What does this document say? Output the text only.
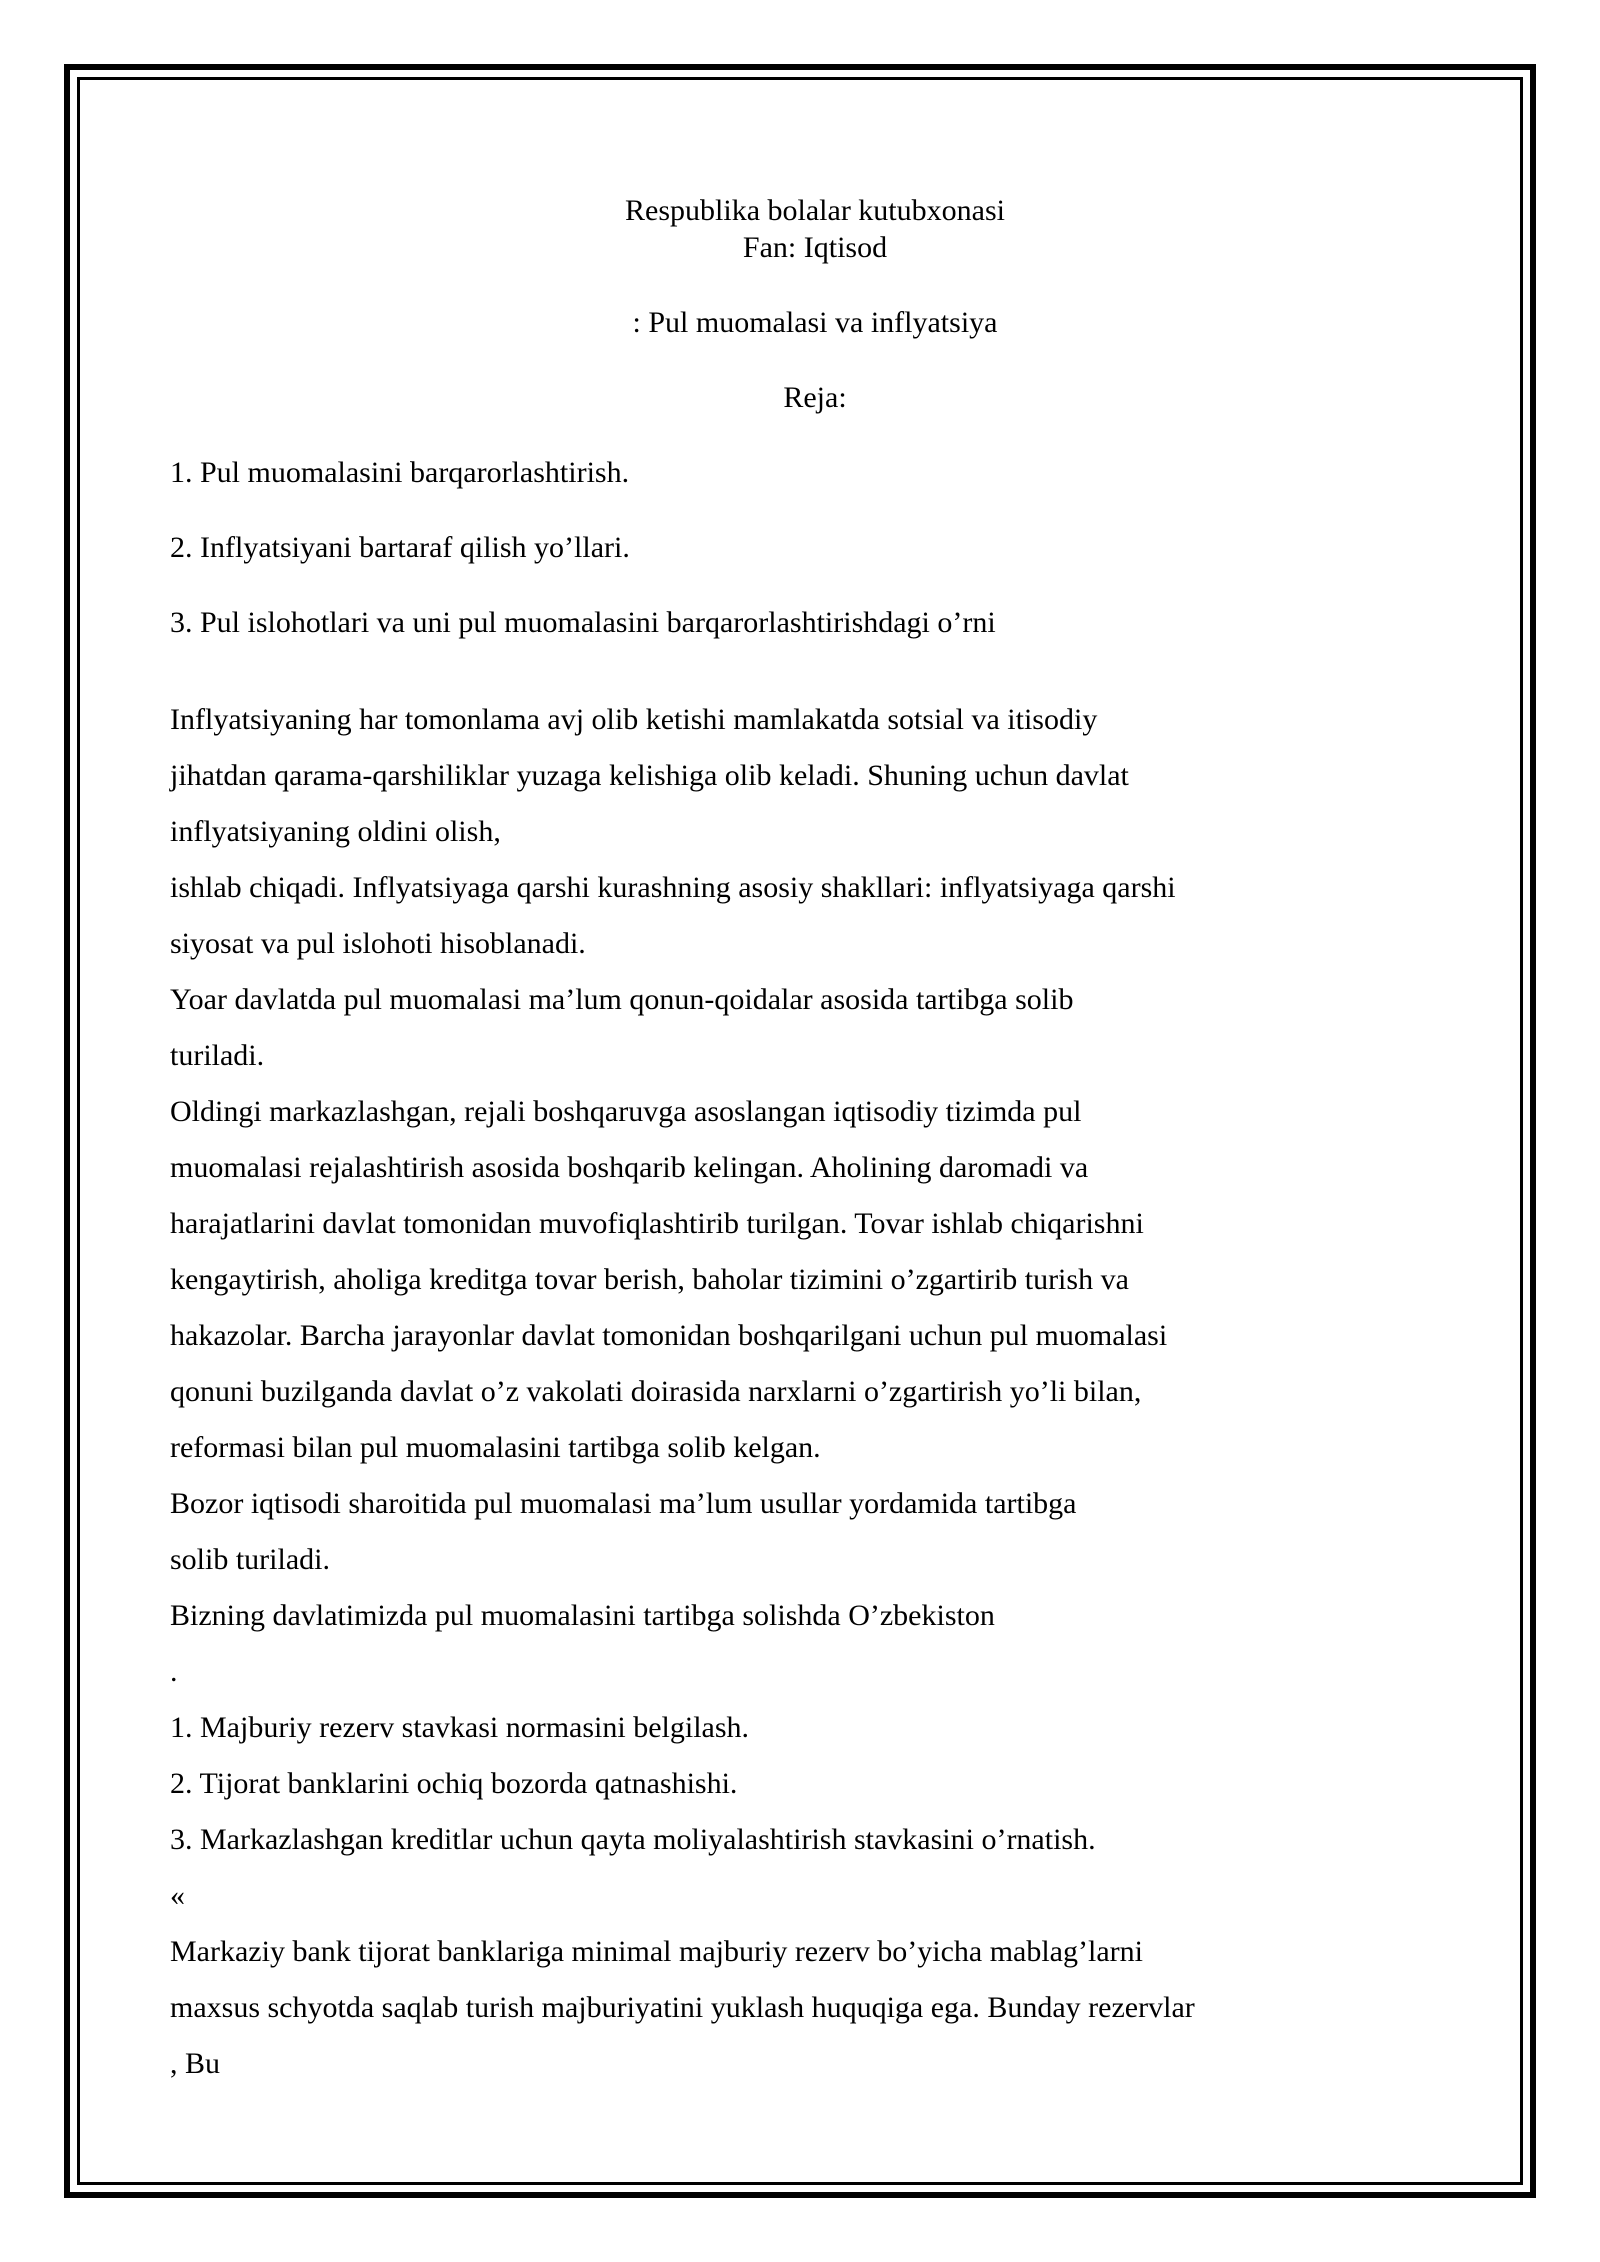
Respublika bolalar kutubxonasi
Fan: Iqtisod
: Pul muomalasi va inflyatsiya
Reja:
1. Pul muomalasini barqarorlashtirish.
2. Inflyatsiyani bartaraf qilish yo’llari.
3. Pul islohotlari va uni pul muomalasini barqarorlashtirishdagi o’rni
Inflyatsiyaning har tomonlama avj olib ketishi mamlakatda sotsial va itisodiy
jihatdan qarama-qarshiliklar yuzaga kelishiga olib keladi. Shuning uchun davlat
inflyatsiyaning oldini olish,
ishlab chiqadi. Inflyatsiyaga qarshi kurashning asosiy shakllari: inflyatsiyaga qarshi
siyosat va pul islohoti hisoblanadi.
Yoar davlatda pul muomalasi ma’lum qonun-qoidalar asosida tartibga solib
turiladi.
Oldingi markazlashgan, rejali boshqaruvga asoslangan iqtisodiy tizimda pul
muomalasi rejalashtirish asosida boshqarib kelingan. Aholining daromadi va
harajatlarini davlat tomonidan muvofiqlashtirib turilgan. Tovar ishlab chiqarishni
kengaytirish, aholiga kreditga tovar berish, baholar tizimini o’zgartirib turish va
hakazolar. Barcha jarayonlar davlat tomonidan boshqarilgani uchun pul muomalasi
qonuni buzilganda davlat o’z vakolati doirasida narxlarni o’zgartirish yo’li bilan,
reformasi bilan pul muomalasini tartibga solib kelgan.
Bozor iqtisodi sharoitida pul muomalasi ma’lum usullar yordamida tartibga
solib turiladi.
Bizning davlatimizda pul muomalasini tartibga solishda O’zbekiston
.
1. Majburiy rezerv stavkasi normasini belgilash.
2. Tijorat banklarini ochiq bozorda qatnashishi.
3. Markazlashgan kreditlar uchun qayta moliyalashtirish stavkasini o’rnatish.
«
Markaziy bank tijorat banklariga minimal majburiy rezerv bo’yicha mablag’larni
maxsus schyotda saqlab turish majburiyatini yuklash huquqiga ega. Bunday rezervlar
, Bu
